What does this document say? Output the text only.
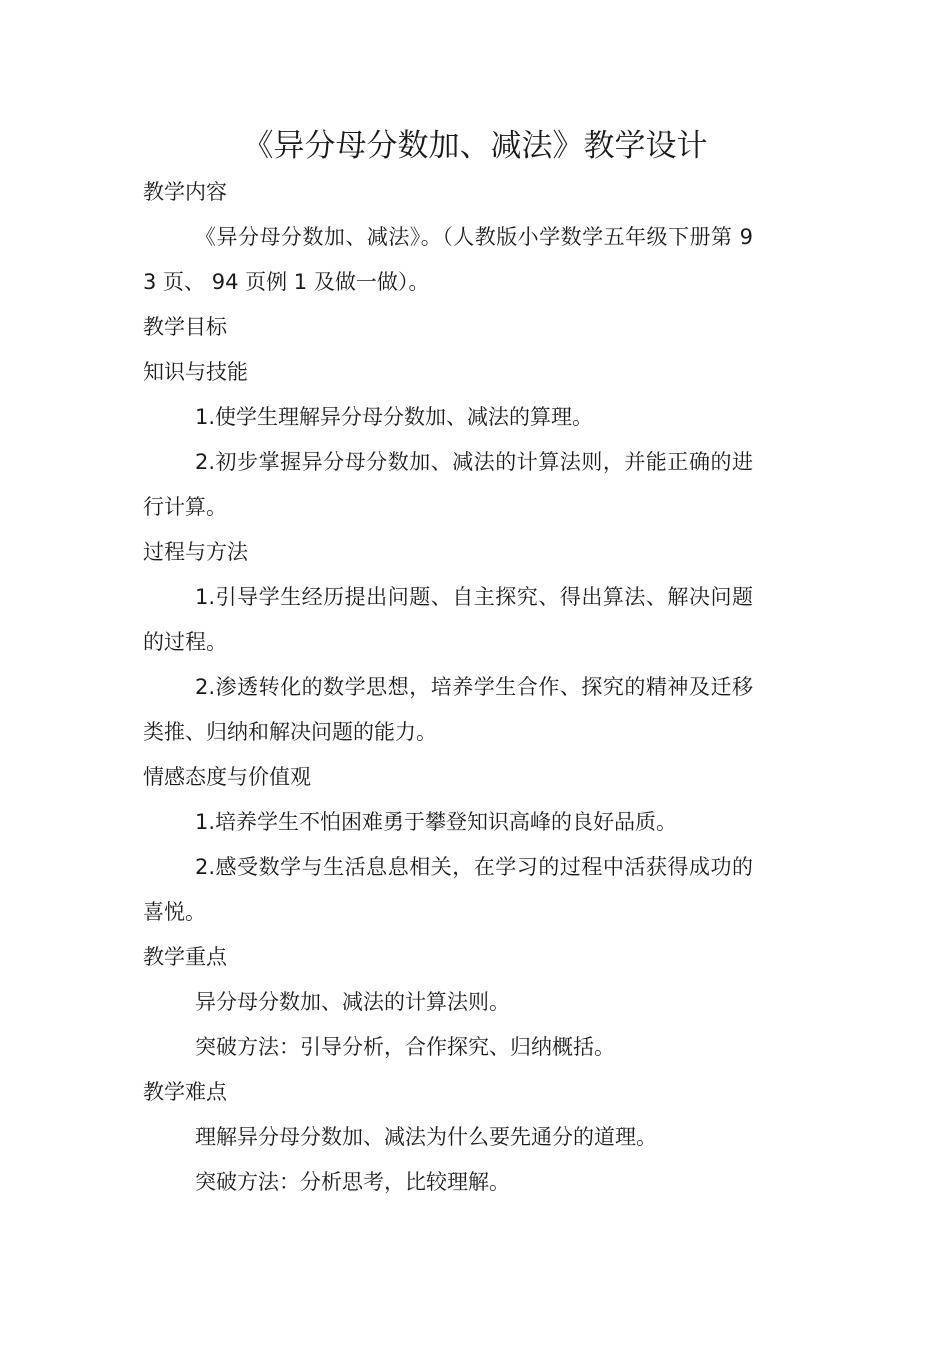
《异分母分数加、减法》教学设计

教学内容

《异分母分数加、减法》。（人教版小学数学五年级下册第 93 页、 94 页例 1 及做一做）。

教学目标

知识与技能

1.使学生理解异分母分数加、减法的算理。

2.初步掌握异分母分数加、减法的计算法则，并能正确的进行计算。

过程与方法

1.引导学生经历提出问题、自主探究、得出算法、解决问题的过程。

2.渗透转化的数学思想，培养学生合作、探究的精神及迁移类推、归纳和解决问题的能力。

情感态度与价值观

1.培养学生不怕困难勇于攀登知识高峰的良好品质。

2.感受数学与生活息息相关，在学习的过程中活获得成功的喜悦。

教学重点

异分母分数加、减法的计算法则。

突破方法：引导分析，合作探究、归纳概括。

教学难点

理解异分母分数加、减法为什么要先通分的道理。

突破方法：分析思考，比较理解。
